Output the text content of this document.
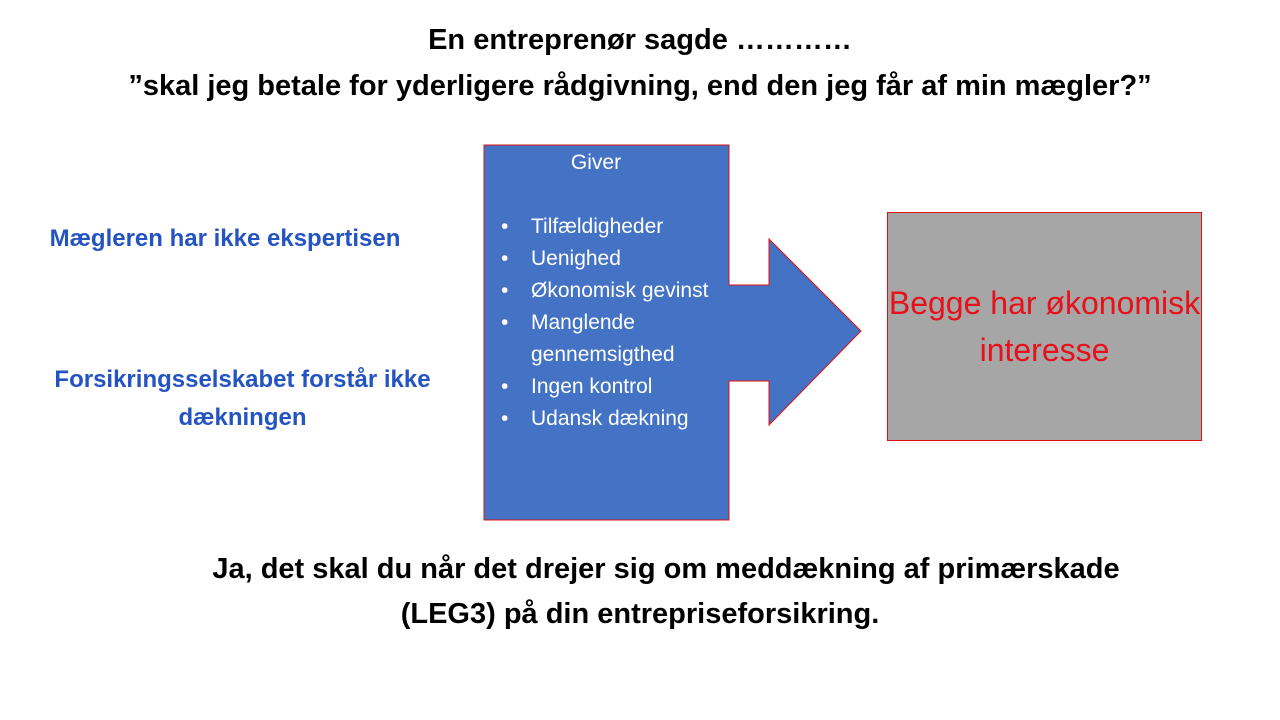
En entreprenør sagde …………
”skal jeg betale for yderligere rådgivning, end den jeg får af min mægler?”
Mægleren har ikke ekspertisen
Forsikringsselskabet forstår ikke dækningen
Giver
• Tilfældigheder
• Uenighed
• Økonomisk gevinst
• Manglende gennemsigthed
• Ingen kontrol
• Udansk dækning
Begge har økonomisk interesse
Ja, det skal du når det drejer sig om meddækning af primærskade
(LEG3) på din entrepriseforsikring.
